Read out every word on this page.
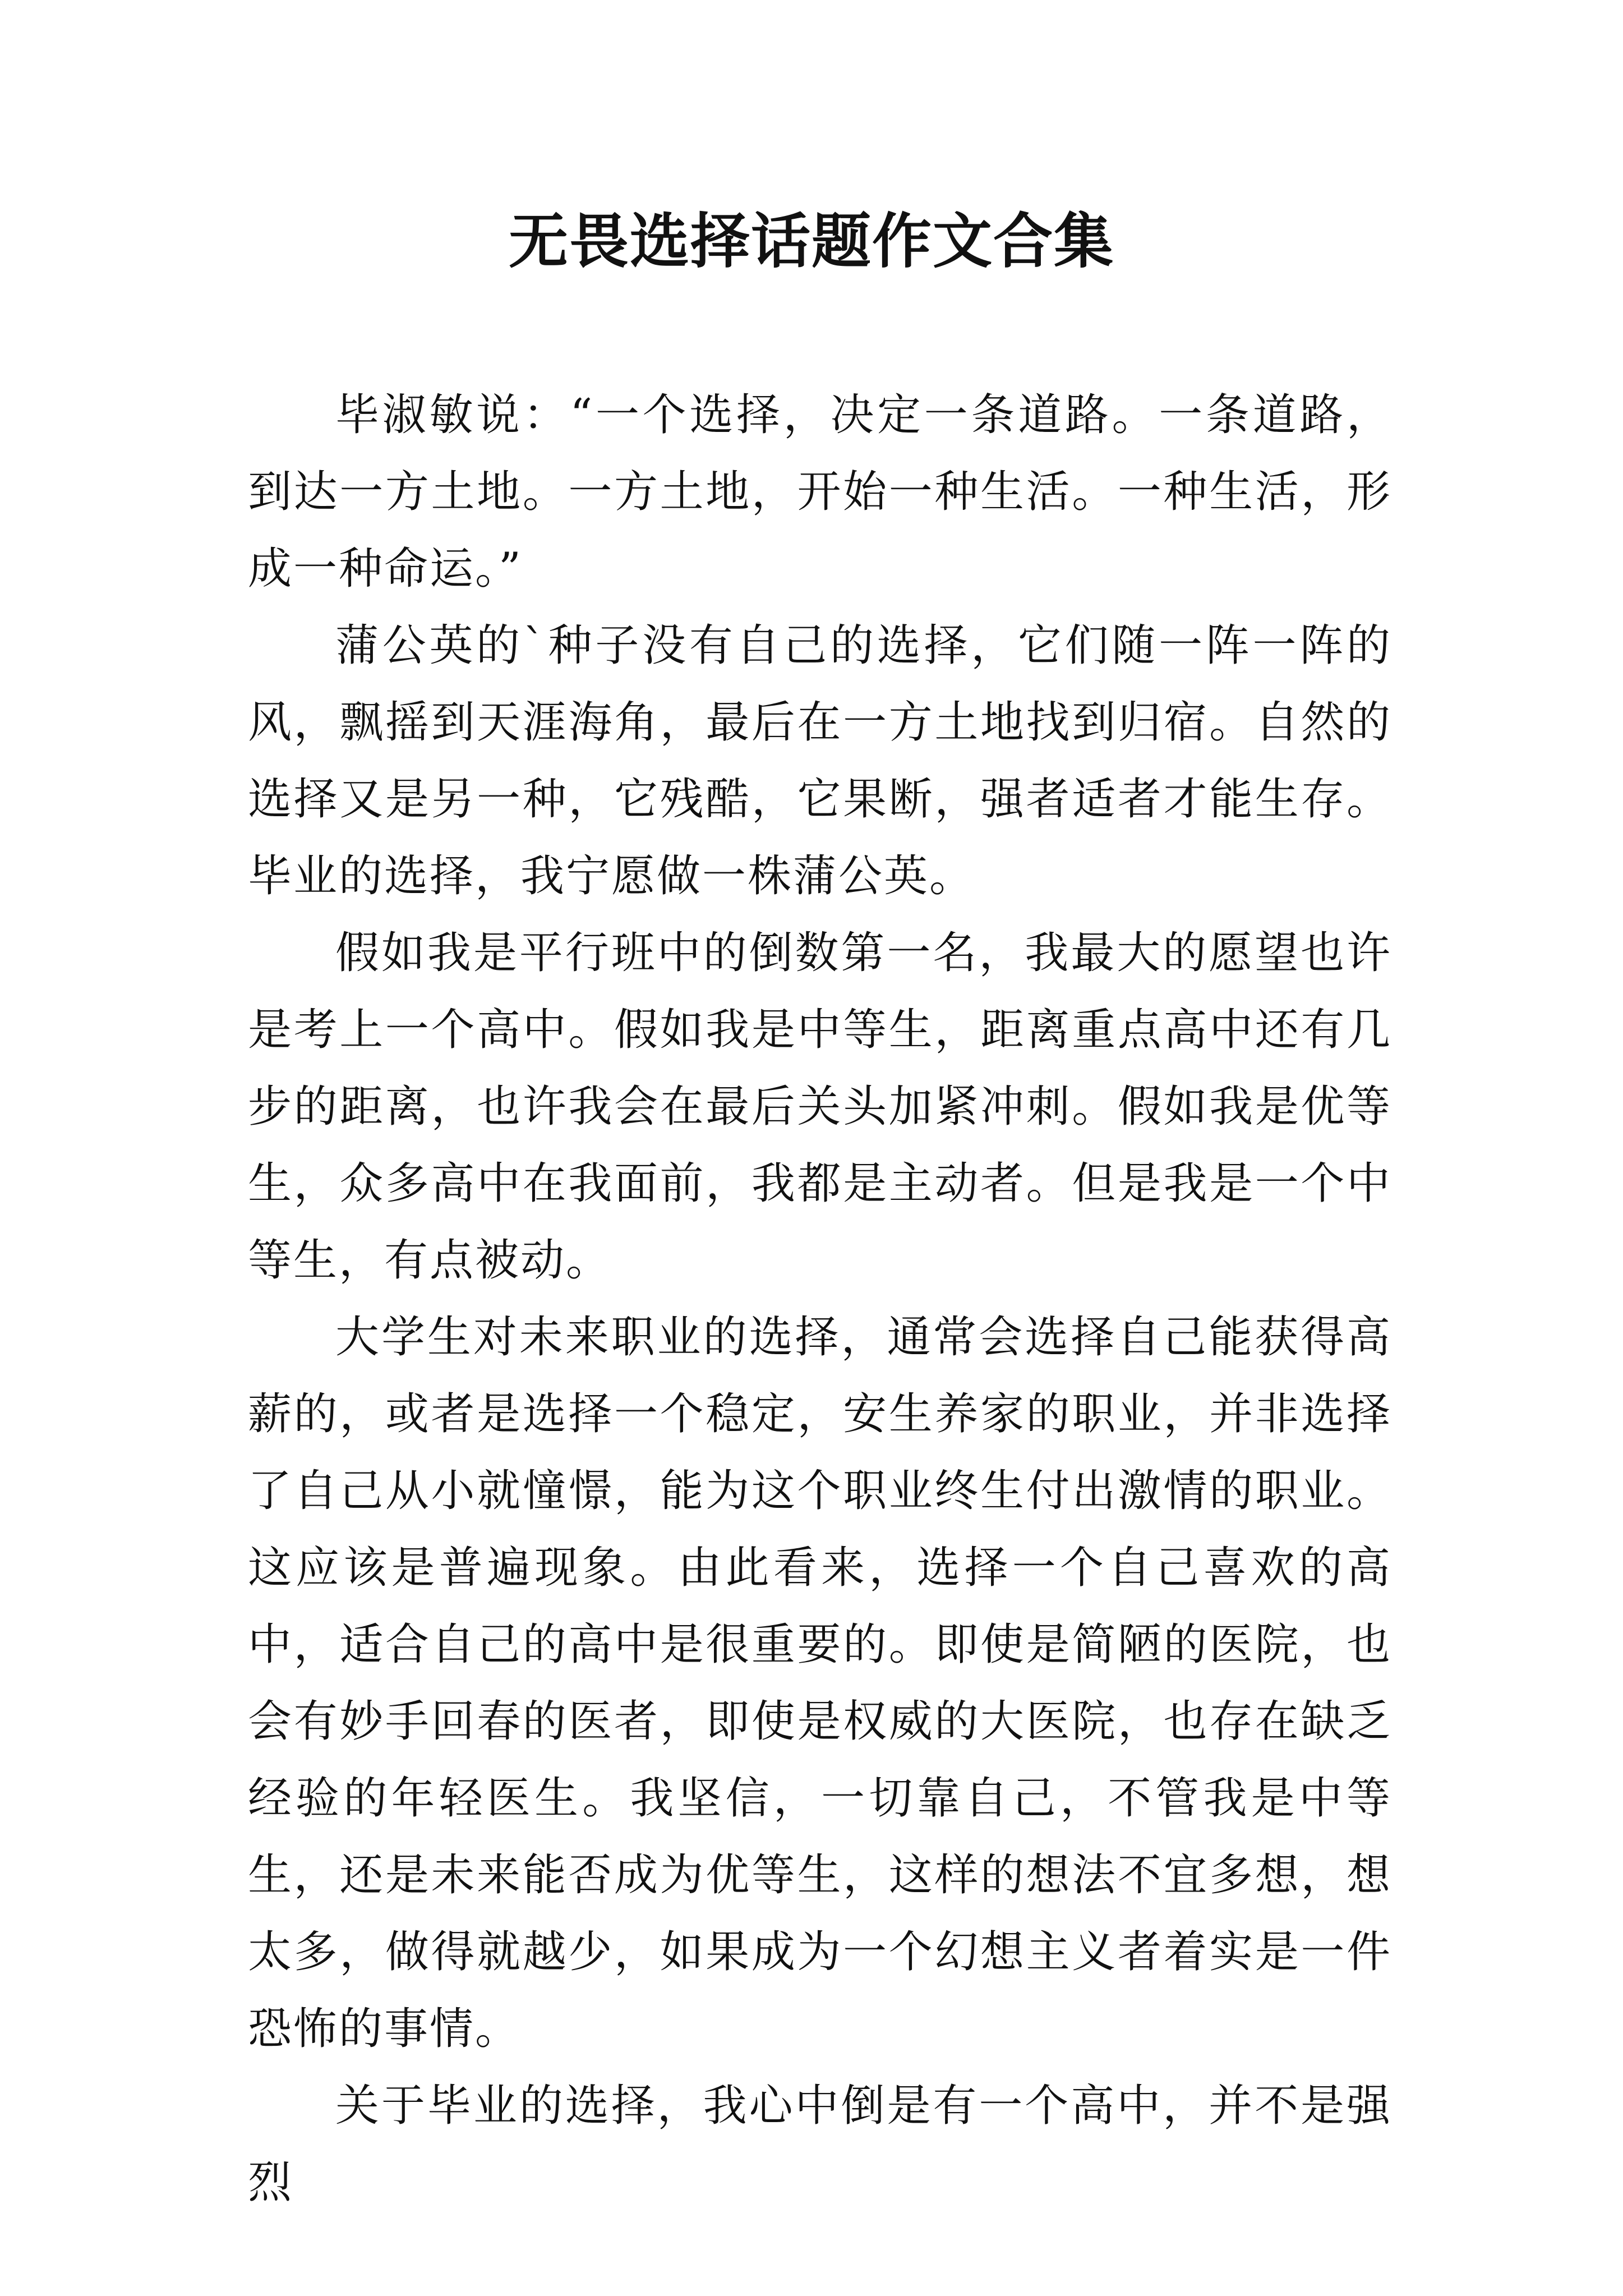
无畏选择话题作文合集

毕淑敏说：“一个选择，决定一条道路。一条道路，到达一方土地。一方土地，开始一种生活。一种生活，形成一种命运。”

蒲公英的`种子没有自己的选择，它们随一阵一阵的风，飘摇到天涯海角，最后在一方土地找到归宿。自然的选择又是另一种，它残酷，它果断，强者适者才能生存。毕业的选择，我宁愿做一株蒲公英。

假如我是平行班中的倒数第一名，我最大的愿望也许是考上一个高中。假如我是中等生，距离重点高中还有几步的距离，也许我会在最后关头加紧冲刺。假如我是优等生，众多高中在我面前，我都是主动者。但是我是一个中等生，有点被动。

大学生对未来职业的选择，通常会选择自己能获得高薪的，或者是选择一个稳定，安生养家的职业，并非选择了自己从小就憧憬，能为这个职业终生付出激情的职业。这应该是普遍现象。由此看来，选择一个自己喜欢的高中，适合自己的高中是很重要的。即使是简陋的医院，也会有妙手回春的医者，即使是权威的大医院，也存在缺乏经验的年轻医生。我坚信，一切靠自己，不管我是中等生，还是未来能否成为优等生，这样的想法不宜多想，想太多，做得就越少，如果成为一个幻想主义者着实是一件恐怖的事情。

关于毕业的选择，我心中倒是有一个高中，并不是强烈
